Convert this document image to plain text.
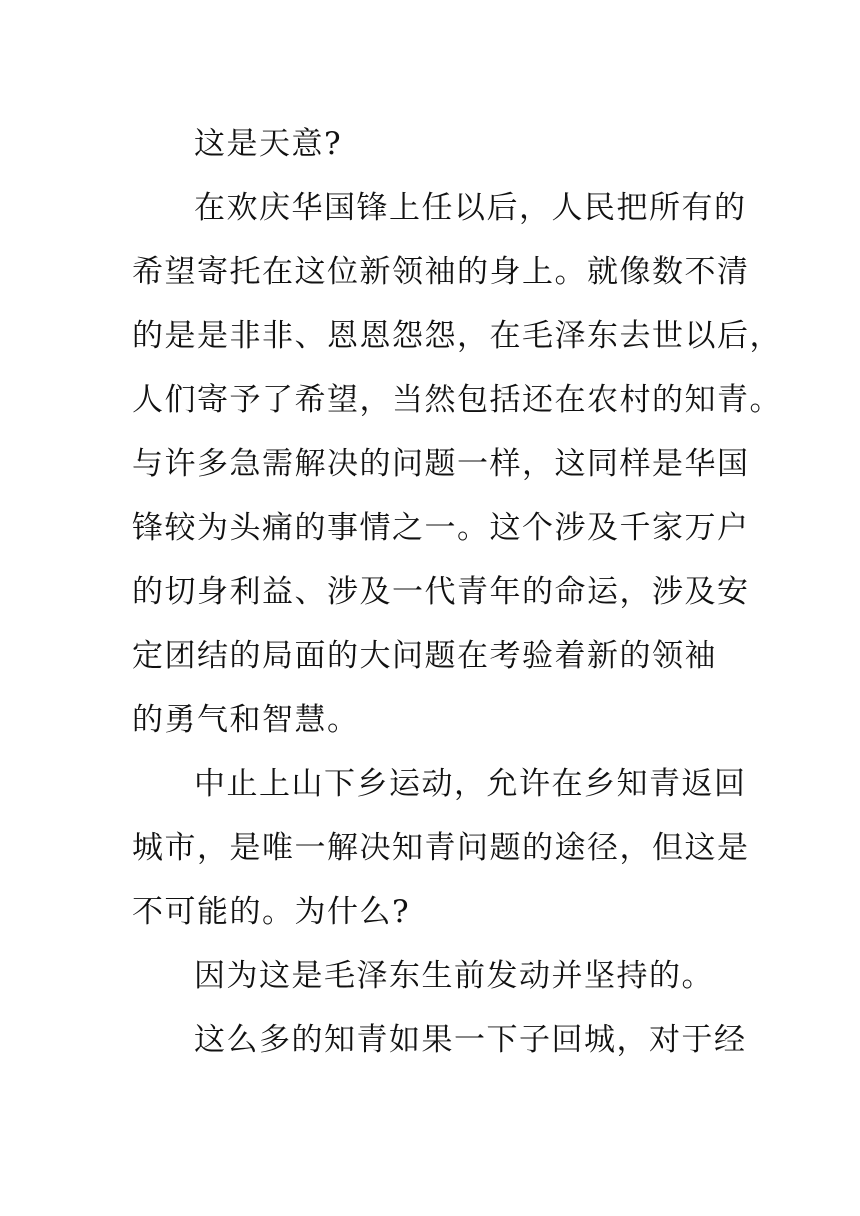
这是天意?
在欢庆华国锋上任以后，人民把所有的
希望寄托在这位新领袖的身上。就像数不清
的是是非非、恩恩怨怨，在毛泽东去世以后，
人们寄予了希望，当然包括还在农村的知青。
与许多急需解决的问题一样，这同样是华国
锋较为头痛的事情之一。这个涉及千家万户
的切身利益、涉及一代青年的命运，涉及安
定团结的局面的大问题在考验着新的领袖
的勇气和智慧。
中止上山下乡运动，允许在乡知青返回
城市，是唯一解决知青问题的途径，但这是
不可能的。为什么?
因为这是毛泽东生前发动并坚持的。
这么多的知青如果一下子回城，对于经
